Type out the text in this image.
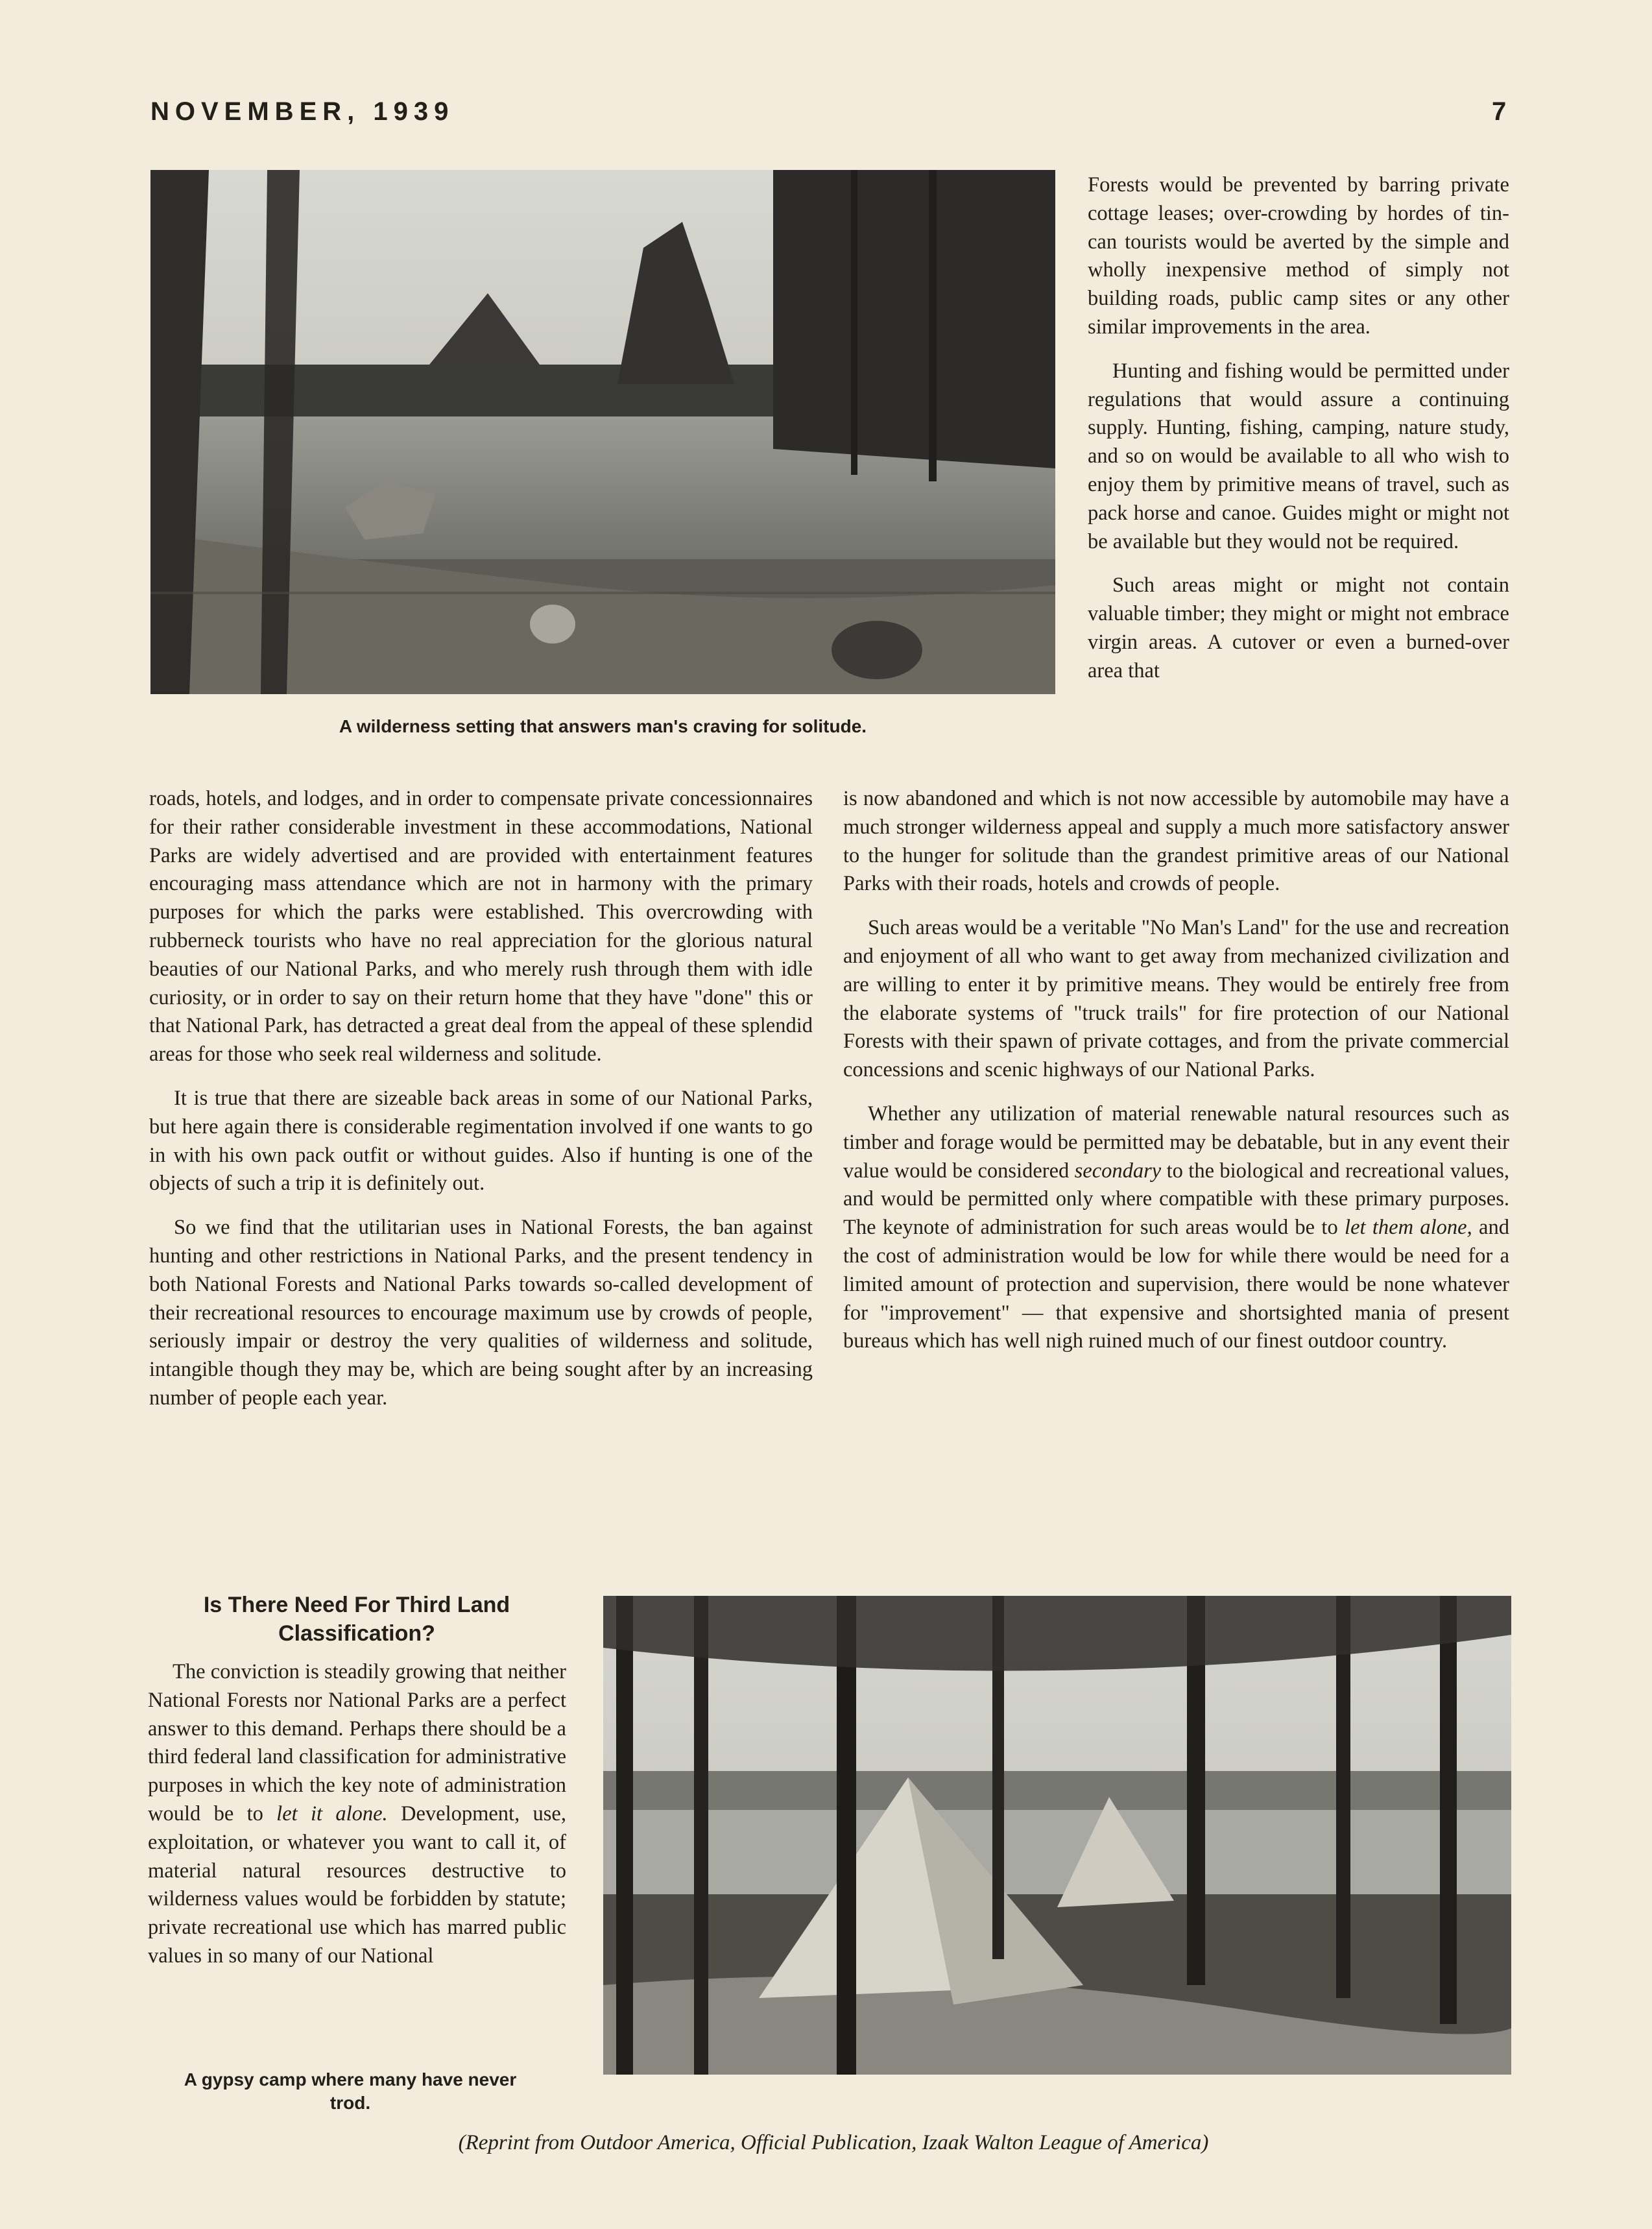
NOVEMBER, 1939	7
A wilderness setting that answers man's craving for solitude.

Forests would be prevented by barring private cottage leases; over-crowding by hordes of tin-can tourists would be averted by the simple and wholly inexpensive method of simply not building roads, public camp sites or any other similar improvements in the area.

Hunting and fishing would be permitted under regulations that would assure a continuing supply. Hunting, fishing, camping, nature study, and so on would be available to all who wish to enjoy them by primitive means of travel, such as pack horse and canoe. Guides might or might not be available but they would not be required.

Such areas might or might not contain valuable timber; they might or might not embrace virgin areas. A cutover or even a burned-over area that

is now abandoned and which is not now accessible by automobile may have a much stronger wilderness appeal and supply a much more satisfactory answer to the hunger for solitude than the grandest primitive areas of our National Parks with their roads, hotels and crowds of people.

Such areas would be a veritable "No Man's Land" for the use and recreation and enjoyment of all who want to get away from mechanized civilization and are willing to enter it by primitive means. They would be entirely free from the elaborate systems of "truck trails" for fire protection of our National Forests with their spawn of private cottages, and from the private commercial concessions and scenic highways of our National Parks.

Whether any utilization of material renewable natural resources such as timber and forage would be permitted may be debatable, but in any event their value would be considered secondary to the biological and recreational values, and would be permitted only where compatible with these primary purposes. The keynote of administration for such areas would be to let them alone, and the cost of administration would be low for while there would be need for a limited amount of protection and supervision, there would be none whatever for "improvement" — that expensive and shortsighted mania of present bureaus which has well nigh ruined much of our finest outdoor country.

roads, hotels, and lodges, and in order to compensate private concessionnaires for their rather considerable investment in these accommodations, National Parks are widely advertised and are provided with entertainment features encouraging mass attendance which are not in harmony with the primary purposes for which the parks were established. This overcrowding with rubberneck tourists who have no real appreciation for the glorious natural beauties of our National Parks, and who merely rush through them with idle curiosity, or in order to say on their return home that they have "done" this or that National Park, has detracted a great deal from the appeal of these splendid areas for those who seek real wilderness and solitude.

It is true that there are sizeable back areas in some of our National Parks, but here again there is considerable regimentation involved if one wants to go in with his own pack outfit or without guides. Also if hunting is one of the objects of such a trip it is definitely out.

So we find that the utilitarian uses in National Forests, the ban against hunting and other restrictions in National Parks, and the present tendency in both National Forests and National Parks towards so-called development of their recreational resources to encourage maximum use by crowds of people, seriously impair or destroy the very qualities of wilderness and solitude, intangible though they may be, which are being sought after by an increasing number of people each year.

Is There Need For Third Land Classification?

The conviction is steadily growing that neither National Forests nor National Parks are a perfect answer to this demand. Perhaps there should be a third federal land classification for administrative purposes in which the key note of administration would be to let it alone. Development, use, exploitation, or whatever you want to call it, of material natural resources destructive to wilderness values would be forbidden by statute; private recreational use which has marred public values in so many of our National

A gypsy camp where many have never trod.
(Reprint from Outdoor America, Official Publication, Izaak Walton League of America)
